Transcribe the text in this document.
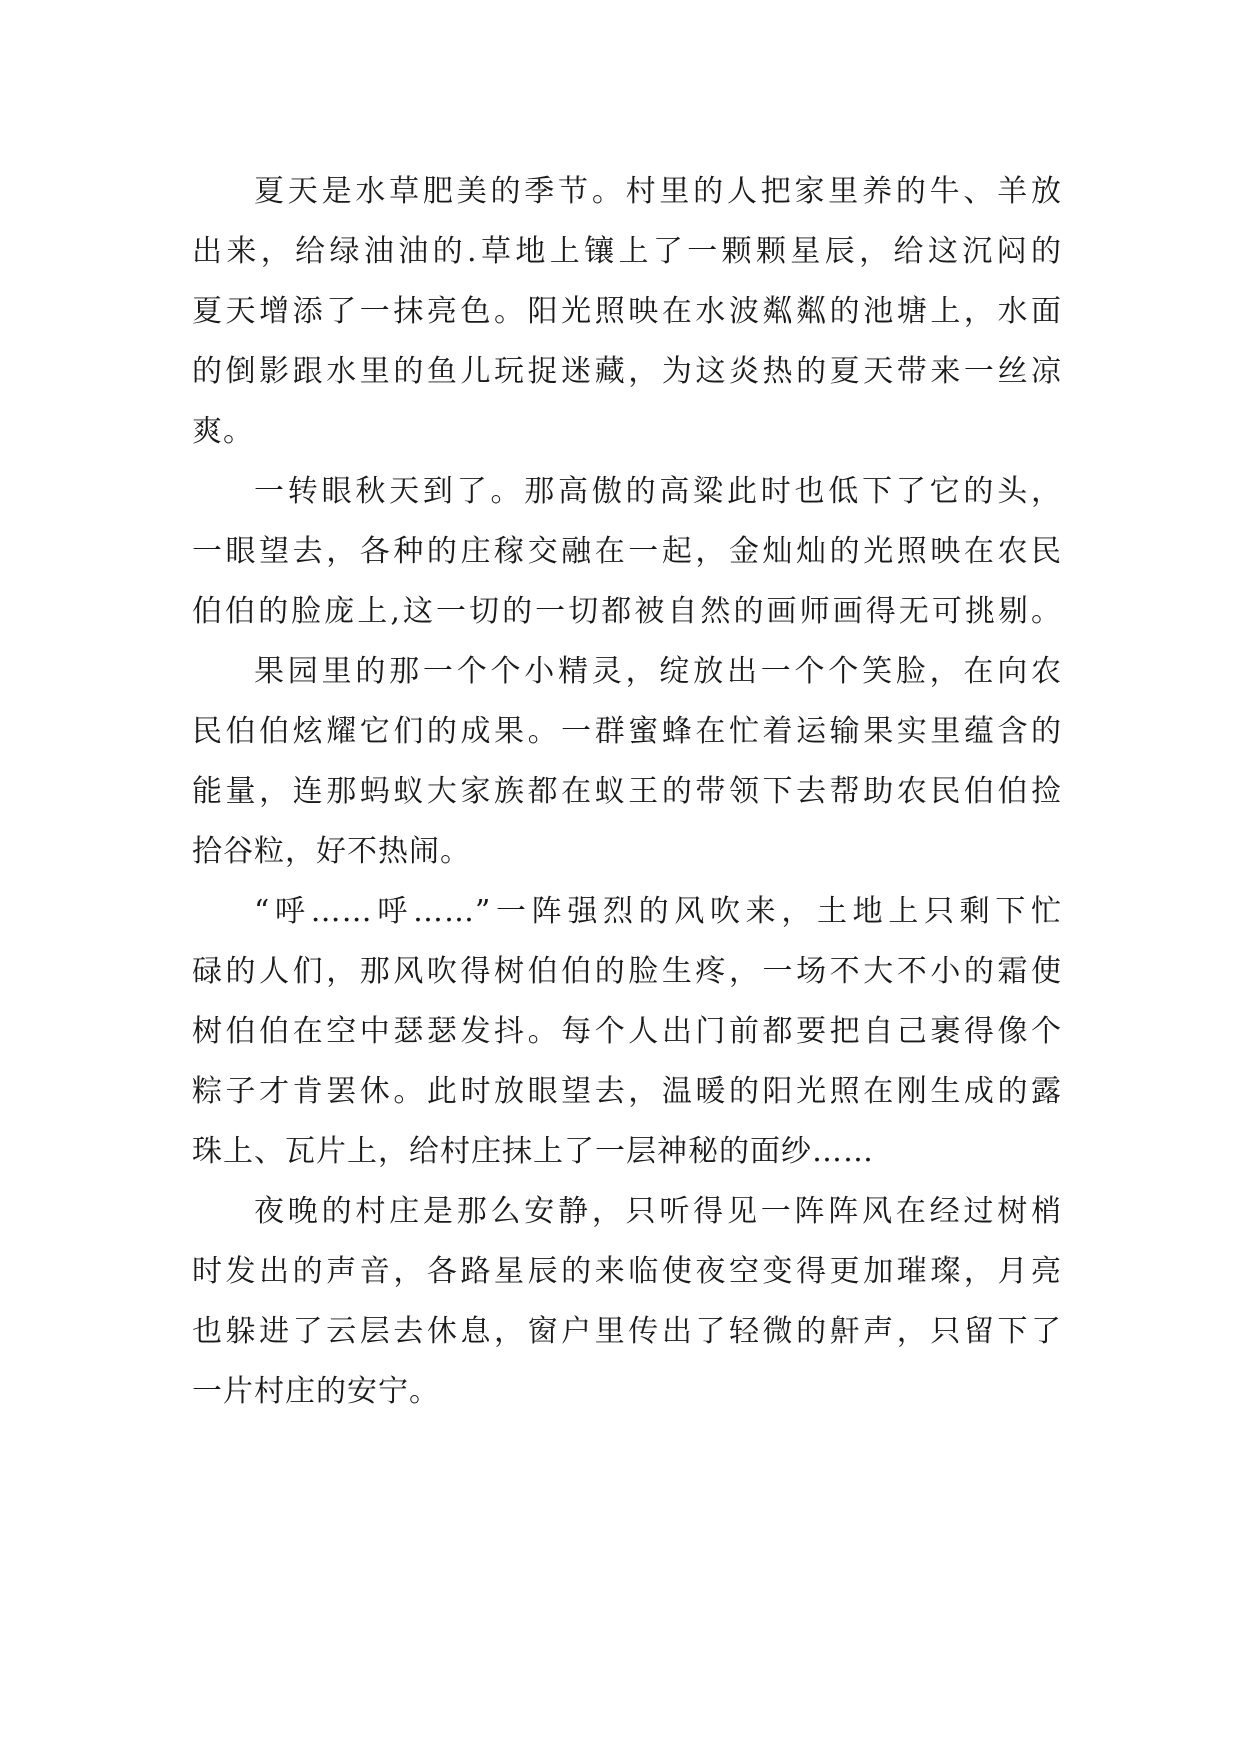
夏天是水草肥美的季节。村里的人把家里养的牛、羊放
出来，给绿油油的.草地上镶上了一颗颗星辰，给这沉闷的
夏天增添了一抹亮色。阳光照映在水波粼粼的池塘上，水面
的倒影跟水里的鱼儿玩捉迷藏，为这炎热的夏天带来一丝凉
爽。
一转眼秋天到了。那高傲的高粱此时也低下了它的头，
一眼望去，各种的庄稼交融在一起，金灿灿的光照映在农民
伯伯的脸庞上,这一切的一切都被自然的画师画得无可挑剔。
果园里的那一个个小精灵，绽放出一个个笑脸，在向农
民伯伯炫耀它们的成果。一群蜜蜂在忙着运输果实里蕴含的
能量，连那蚂蚁大家族都在蚁王的带领下去帮助农民伯伯捡
拾谷粒，好不热闹。
“呼……呼……”一阵强烈的风吹来，土地上只剩下忙
碌的人们，那风吹得树伯伯的脸生疼，一场不大不小的霜使
树伯伯在空中瑟瑟发抖。每个人出门前都要把自己裹得像个
粽子才肯罢休。此时放眼望去，温暖的阳光照在刚生成的露
珠上、瓦片上，给村庄抹上了一层神秘的面纱……
夜晚的村庄是那么安静，只听得见一阵阵风在经过树梢
时发出的声音，各路星辰的来临使夜空变得更加璀璨，月亮
也躲进了云层去休息，窗户里传出了轻微的鼾声，只留下了
一片村庄的安宁。
